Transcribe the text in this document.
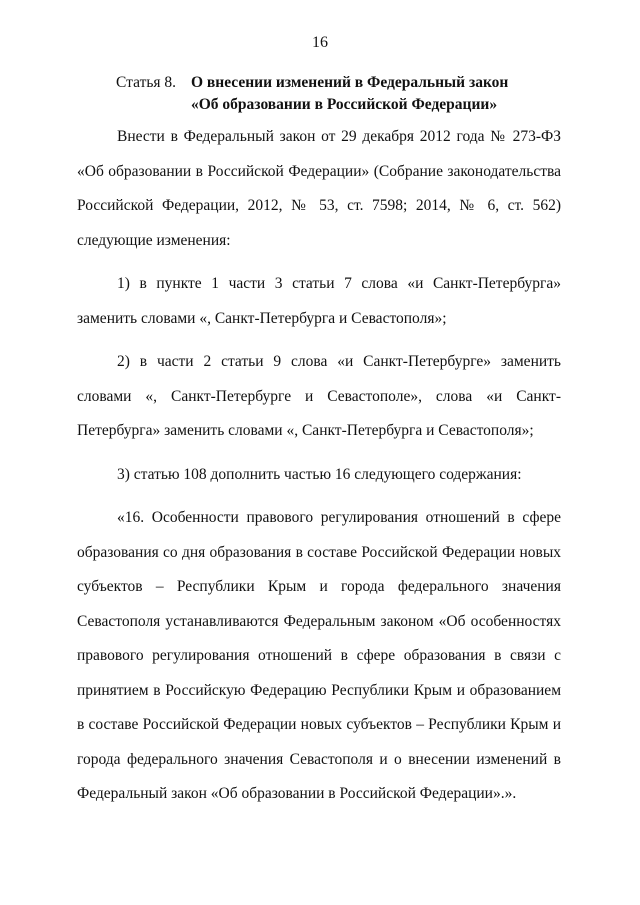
16
Статья 8. О внесении изменений в Федеральный закон «Об образовании в Российской Федерации»

Внести в Федеральный закон от 29 декабря 2012 года № 273-ФЗ «Об образовании в Российской Федерации» (Собрание законодательства Российской Федерации, 2012, № 53, ст. 7598; 2014, № 6, ст. 562) следующие изменения:

1) в пункте 1 части 3 статьи 7 слова «и Санкт-Петербурга» заменить словами «, Санкт-Петербурга и Севастополя»;

2) в части 2 статьи 9 слова «и Санкт-Петербурге» заменить словами «, Санкт-Петербурге и Севастополе», слова «и Санкт-Петербурга» заменить словами «, Санкт-Петербурга и Севастополя»;

3) статью 108 дополнить частью 16 следующего содержания:

«16. Особенности правового регулирования отношений в сфере образования со дня образования в составе Российской Федерации новых субъектов – Республики Крым и города федерального значения Севастополя устанавливаются Федеральным законом «Об особенностях правового регулирования отношений в сфере образования в связи с принятием в Российскую Федерацию Республики Крым и образованием в составе Российской Федерации новых субъектов – Республики Крым и города федерального значения Севастополя и о внесении изменений в Федеральный закон «Об образовании в Российской Федерации».».
